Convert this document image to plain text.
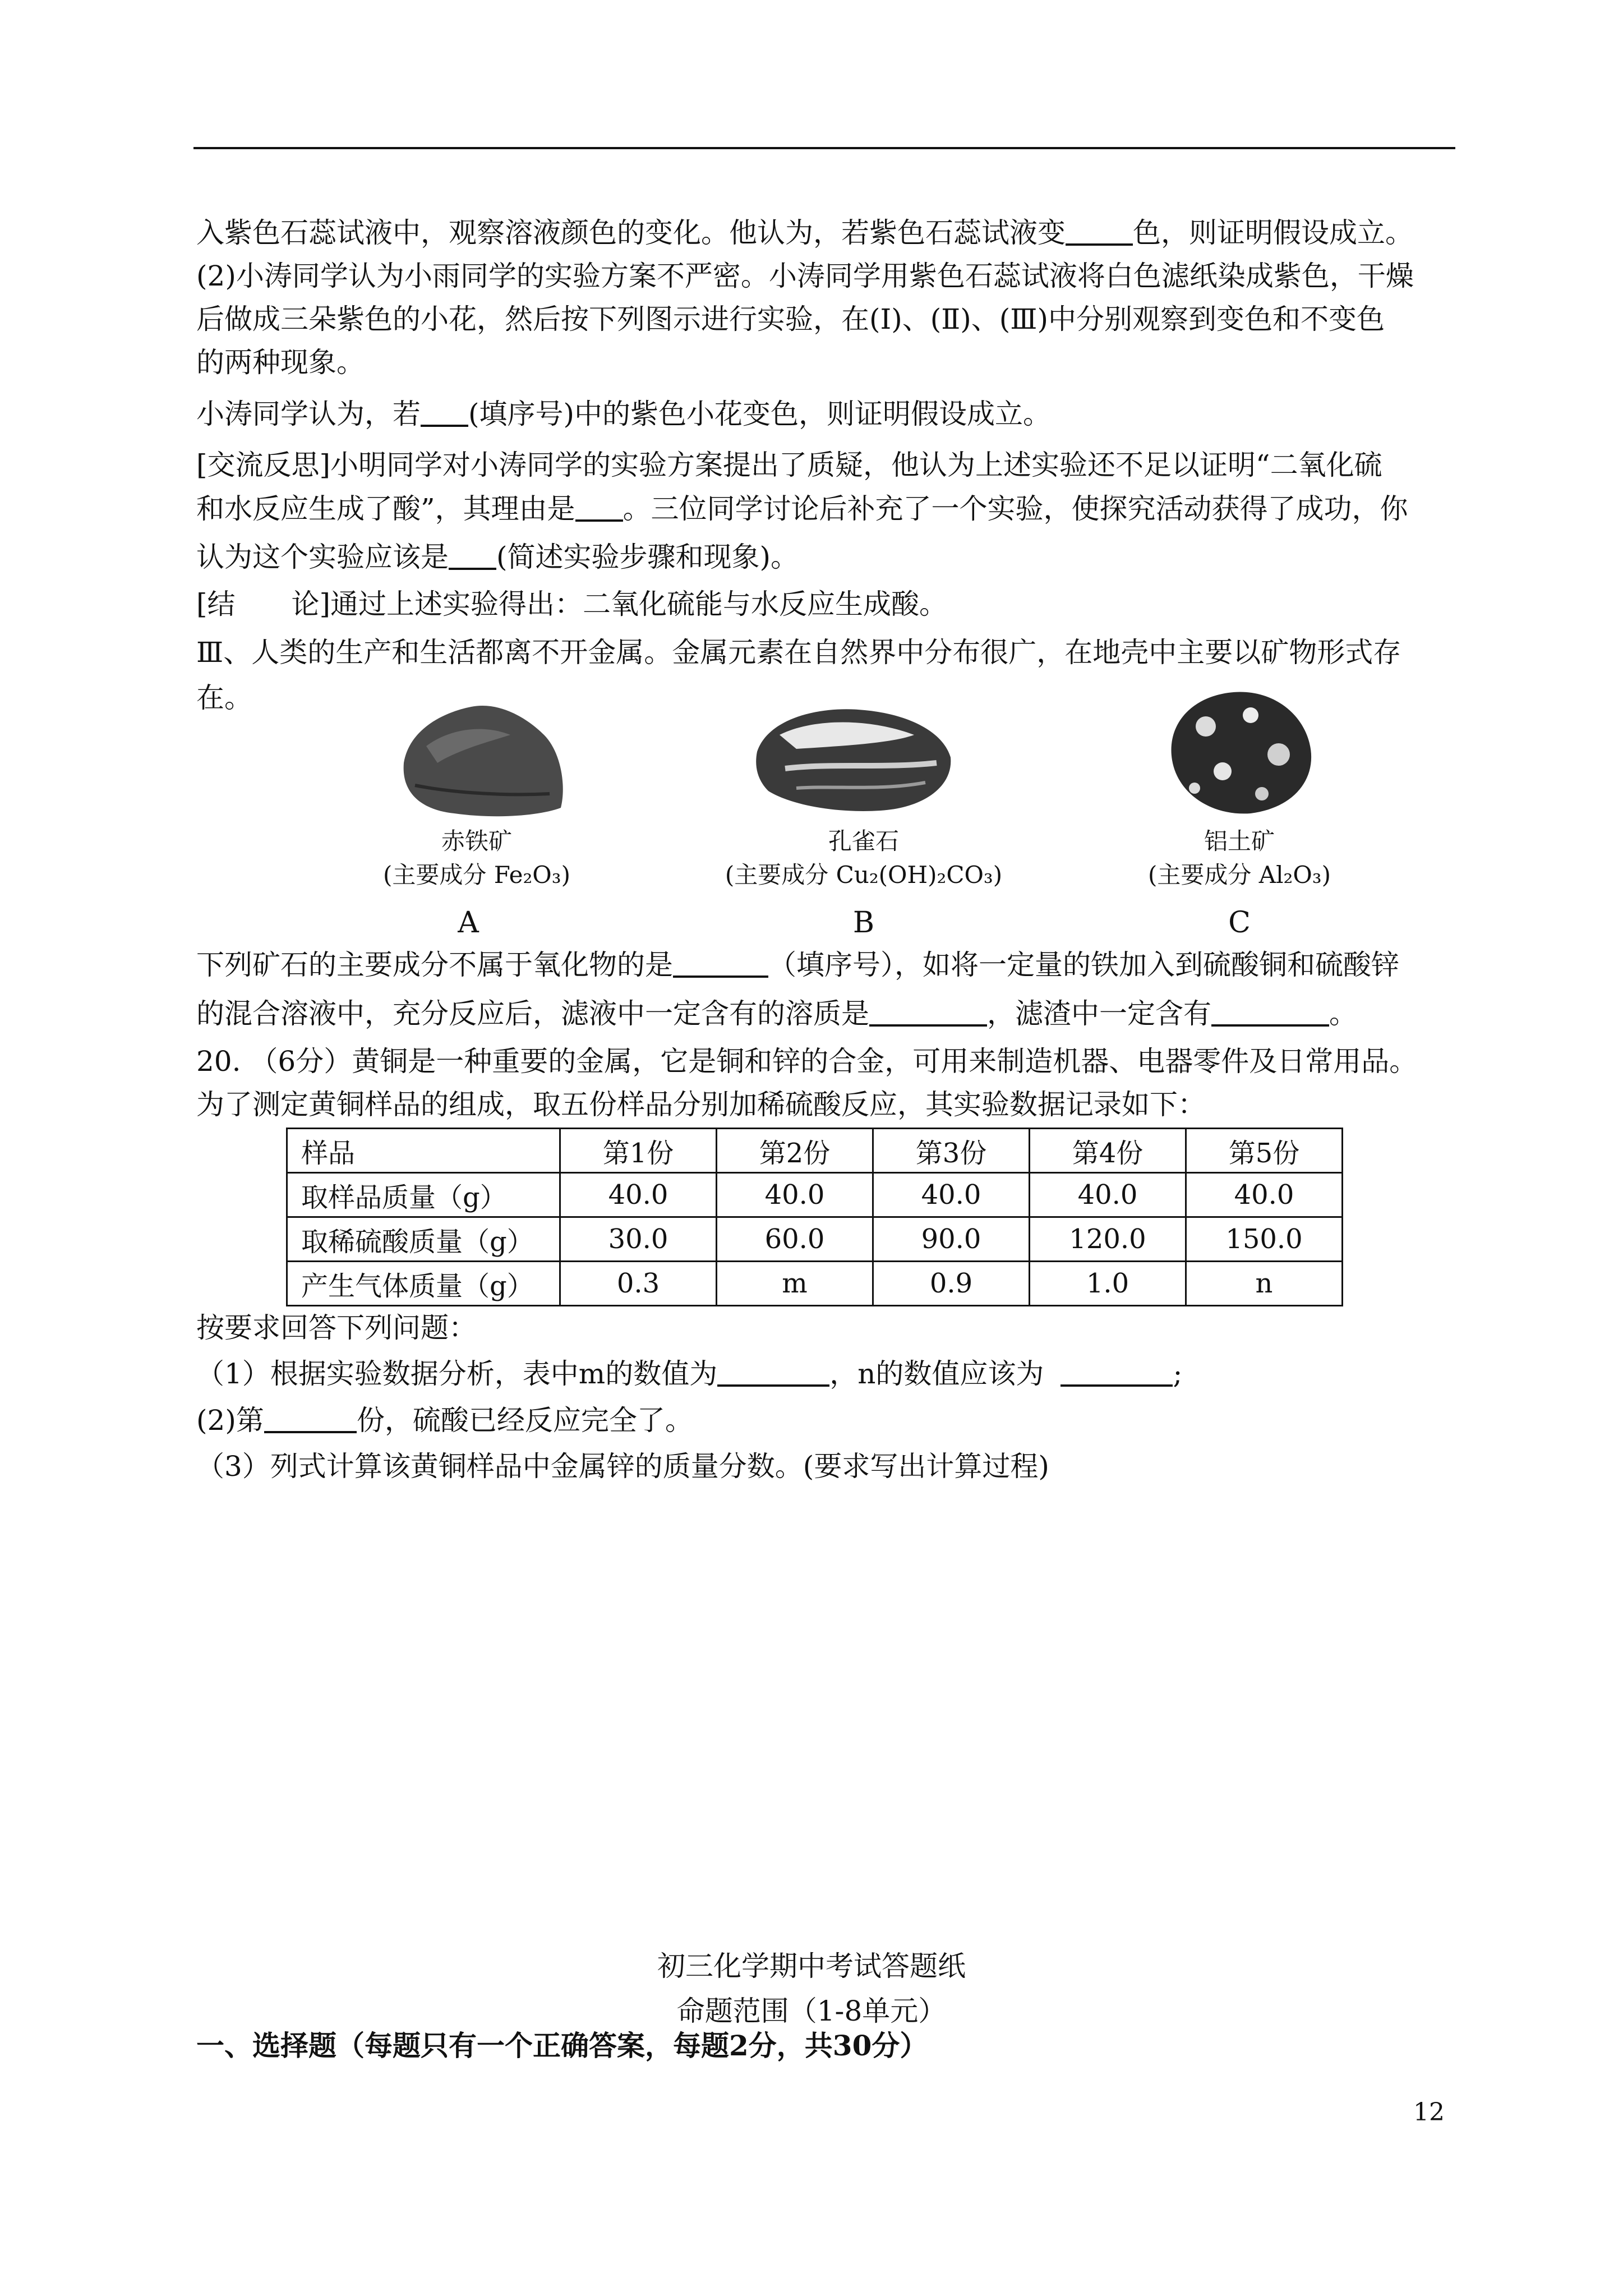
入紫色石蕊试液中，观察溶液颜色的变化。他认为，若紫色石蕊试液变 色，则证明假设成立。
(2)小涛同学认为小雨同学的实验方案不严密。小涛同学用紫色石蕊试液将白色滤纸染成紫色，干燥
后做成三朵紫色的小花，然后按下列图示进行实验，在(Ⅰ)、(Ⅱ)、(Ⅲ)中分别观察到变色和不变色
的两种现象。
小涛同学认为，若 (填序号)中的紫色小花变色，则证明假设成立。
[交流反思]小明同学对小涛同学的实验方案提出了质疑，他认为上述实验还不足以证明“二氧化硫
和水反应生成了酸”，其理由是 。三位同学讨论后补充了一个实验，使探究活动获得了成功，你
认为这个实验应该是 (简述实验步骤和现象)。
[结　　论]通过上述实验得出：二氧化硫能与水反应生成酸。
Ⅲ、人类的生产和生活都离不开金属。金属元素在自然界中分布很广，在地壳中主要以矿物形式存
在。
赤铁矿
(主要成分 Fe₂O₃)
A
孔雀石
(主要成分 Cu₂(OH)₂CO₃)
B
铝土矿
(主要成分 Al₂O₃)
C
下列矿石的主要成分不属于氧化物的是	（填序号），如将一定量的铁加入到硫酸铜和硫酸锌
的混合溶液中，充分反应后，滤液中一定含有的溶质是	，滤渣中一定含有	。
20. （6分）黄铜是一种重要的金属，它是铜和锌的合金，可用来制造机器、电器零件及日常用品。
为了测定黄铜样品的组成，取五份样品分别加稀硫酸反应，其实验数据记录如下：
样品	第1份	第2份	第3份	第4份	第5份
取样品质量（g）	40.0	40.0	40.0	40.0	40.0
取稀硫酸质量（g）	30.0	60.0	90.0	120.0	150.0
产生气体质量（g）	0.3	m	0.9	1.0	n
按要求回答下列问题：
（1）根据实验数据分析，表中m的数值为	，n的数值应该为	;
(2)第	份，硫酸已经反应完全了。
（3）列式计算该黄铜样品中金属锌的质量分数。(要求写出计算过程)
初三化学期中考试答题纸
命题范围（1-8单元）
一、选择题（每题只有一个正确答案，每题2分，共30分）
12
